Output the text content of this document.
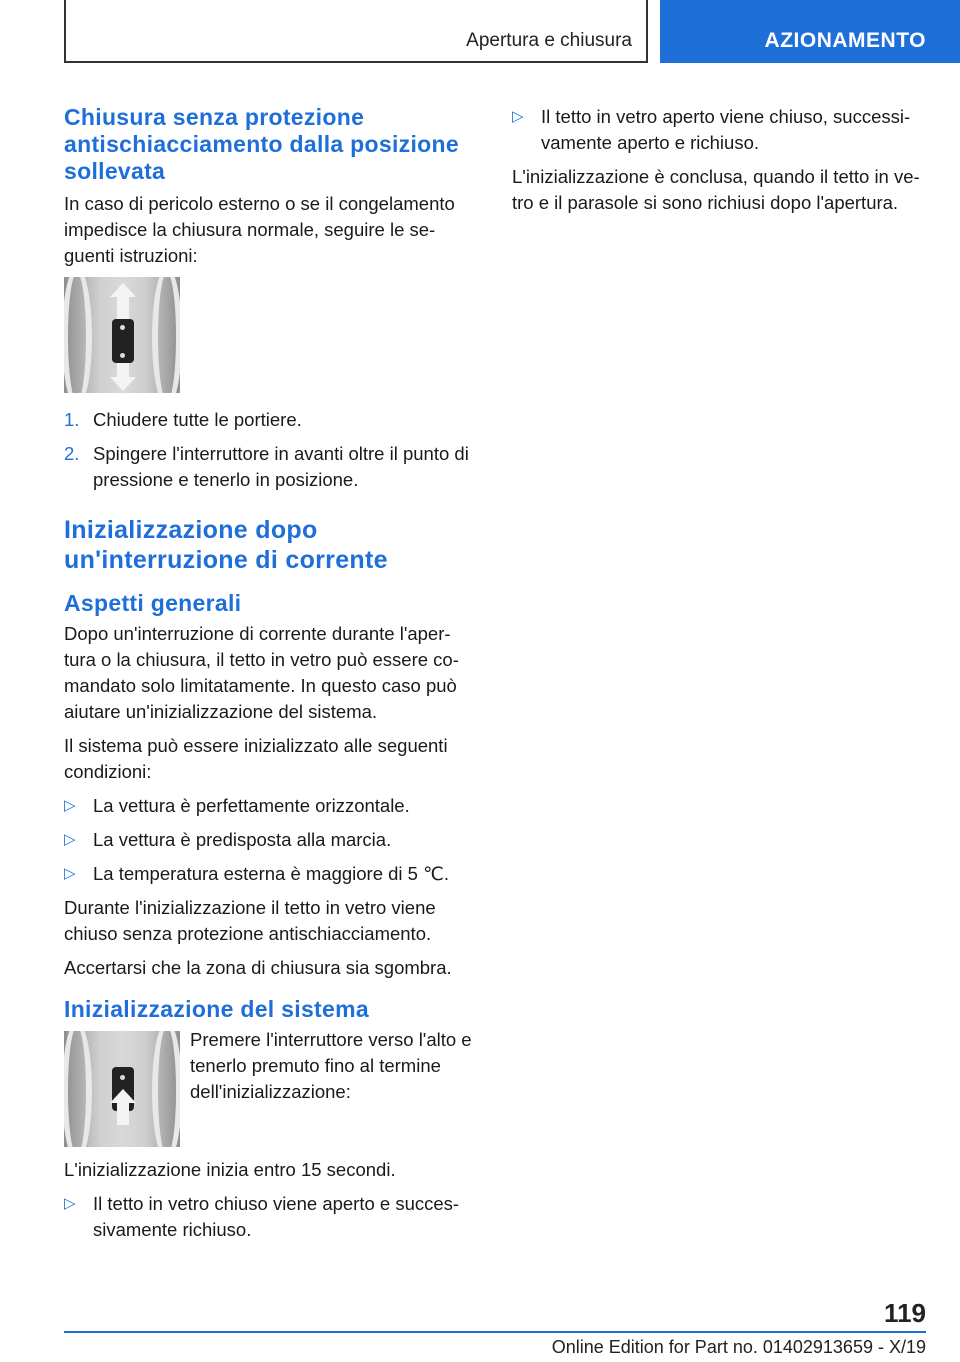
Apertura e chiusura	AZIONAMENTO
Chiusura senza protezione antischiacciamento dalla posizione sollevata

In caso di pericolo esterno o se il congelamento impedisce la chiusura normale, seguire le se-guenti istruzioni:

1. Chiudere tutte le portiere.
2. Spingere l'interruttore in avanti oltre il punto di pressione e tenerlo in posizione.
Inizializzazione dopo un'interruzione di corrente
Aspetti generali

Dopo un'interruzione di corrente durante l'aper-tura o la chiusura, il tetto in vetro può essere co-mandato solo limitatamente. In questo caso può aiutare un'inizializzazione del sistema.

Il sistema può essere inizializzato alle seguenti condizioni:

▷ La vettura è perfettamente orizzontale.
▷ La vettura è predisposta alla marcia.
▷ La temperatura esterna è maggiore di 5 ℃.

Durante l'inizializzazione il tetto in vetro viene chiuso senza protezione antischiacciamento.

Accertarsi che la zona di chiusura sia sgombra.

Inizializzazione del sistema

Premere l'interruttore verso l'alto e tenerlo premuto fino al termine dell'inizializzazione:

L'inizializzazione inizia entro 15 secondi.

▷ Il tetto in vetro chiuso viene aperto e succes-sivamente richiuso.
▷ Il tetto in vetro aperto viene chiuso, successi-vamente aperto e richiuso.

L'inizializzazione è conclusa, quando il tetto in ve-tro e il parasole si sono richiusi dopo l'apertura.

119
Online Edition for Part no. 01402913659 - X/19
